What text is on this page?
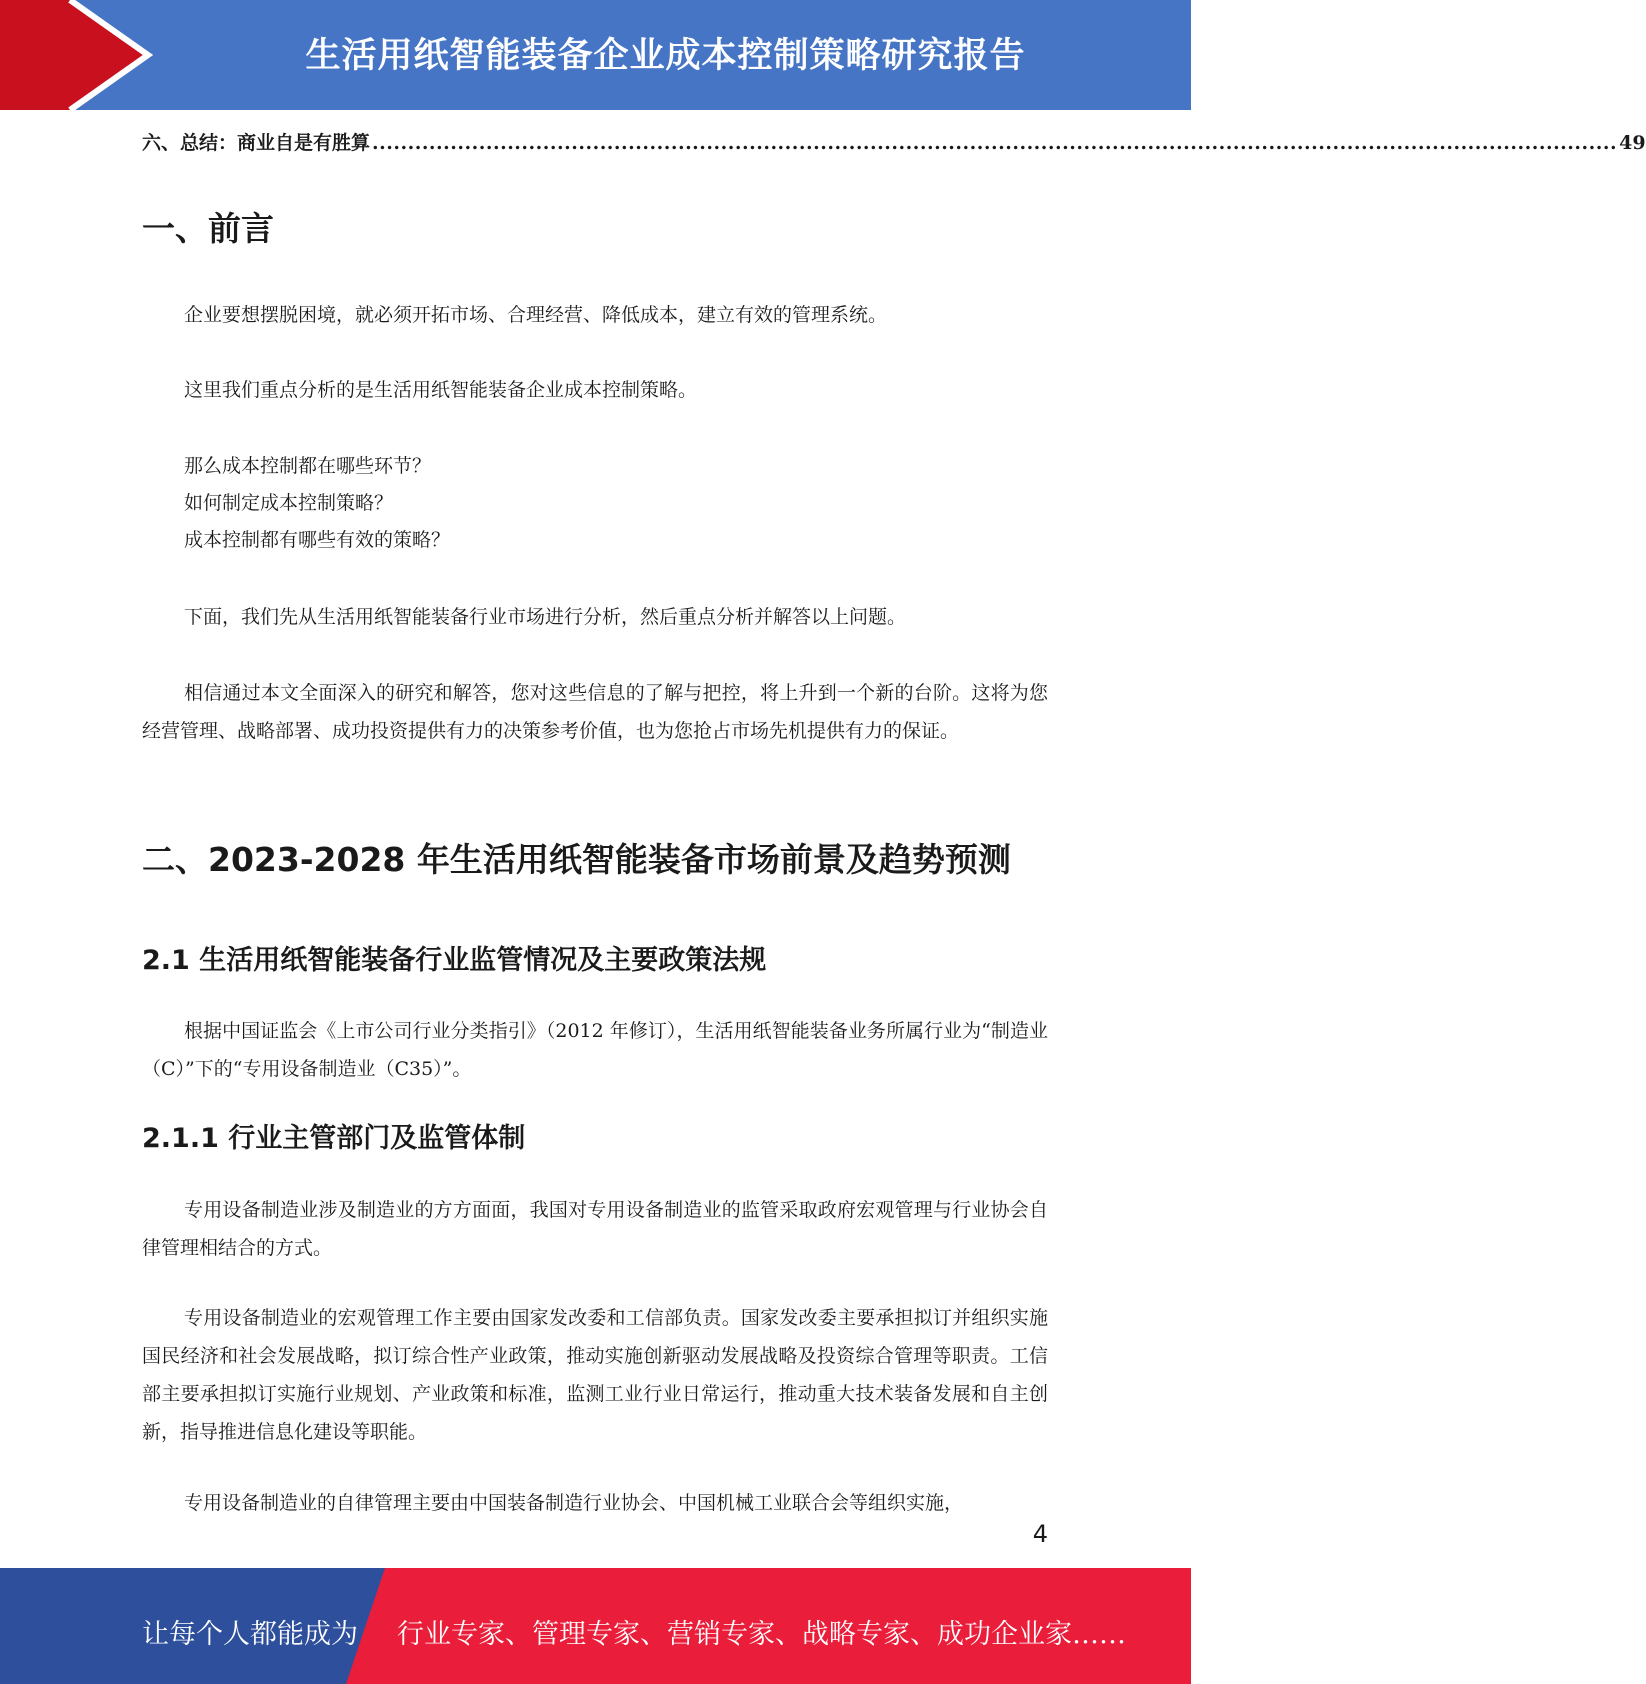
生活用纸智能装备企业成本控制策略研究报告
六、总结：商业自是有胜算 ............................................................................................................................................................................... 49
一、前言

企业要想摆脱困境，就必须开拓市场、合理经营、降低成本，建立有效的管理系统。

这里我们重点分析的是生活用纸智能装备企业成本控制策略。

那么成本控制都在哪些环节？

如何制定成本控制策略？

成本控制都有哪些有效的策略？

下面，我们先从生活用纸智能装备行业市场进行分析，然后重点分析并解答以上问题。

相信通过本文全面深入的研究和解答，您对这些信息的了解与把控，将上升到一个新的台阶。这将为您经营管理、战略部署、成功投资提供有力的决策参考价值，也为您抢占市场先机提供有力的保证。

二、2023-2028 年生活用纸智能装备市场前景及趋势预测
2.1 生活用纸智能装备行业监管情况及主要政策法规

根据中国证监会《上市公司行业分类指引》（2012 年修订），生活用纸智能装备业务所属行业为“制造业（C）”下的“专用设备制造业（C35）”。

2.1.1 行业主管部门及监管体制

专用设备制造业涉及制造业的方方面面，我国对专用设备制造业的监管采取政府宏观管理与行业协会自律管理相结合的方式。

专用设备制造业的宏观管理工作主要由国家发改委和工信部负责。国家发改委主要承担拟订并组织实施国民经济和社会发展战略，拟订综合性产业政策，推动实施创新驱动发展战略及投资综合管理等职责。工信部主要承担拟订实施行业规划、产业政策和标准，监测工业行业日常运行，推动重大技术装备发展和自主创新，指导推进信息化建设等职能。

专用设备制造业的自律管理主要由中国装备制造行业协会、中国机械工业联合会等组织实施，

4
让每个人都能成为 行业专家、管理专家、营销专家、战略专家、成功企业家……
